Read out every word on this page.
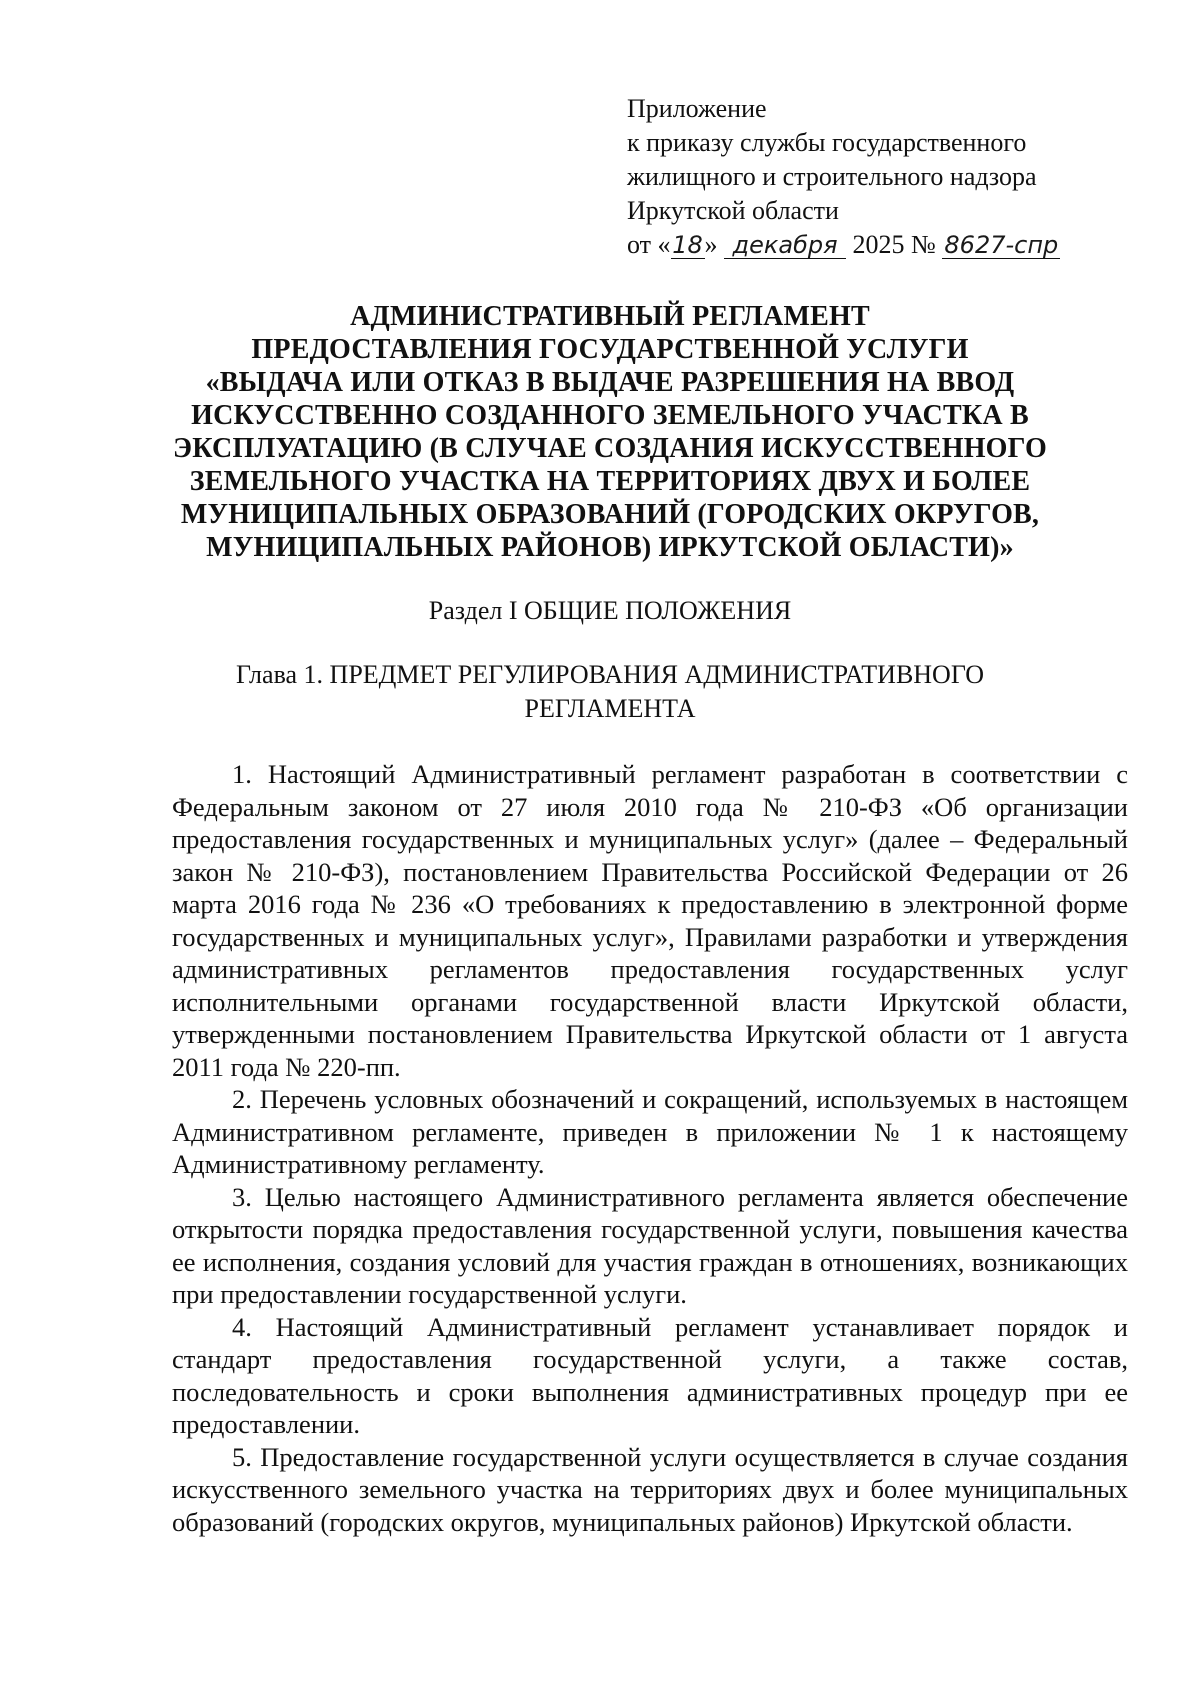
Приложение
к приказу службы государственного
жилищного и строительного надзора
Иркутской области
от «18» декабря 2025 № 8627-спр
АДМИНИСТРАТИВНЫЙ РЕГЛАМЕНТ
ПРЕДОСТАВЛЕНИЯ ГОСУДАРСТВЕННОЙ УСЛУГИ
«ВЫДАЧА ИЛИ ОТКАЗ В ВЫДАЧЕ РАЗРЕШЕНИЯ НА ВВОД
ИСКУССТВЕННО СОЗДАННОГО ЗЕМЕЛЬНОГО УЧАСТКА В
ЭКСПЛУАТАЦИЮ (В СЛУЧАЕ СОЗДАНИЯ ИСКУССТВЕННОГО
ЗЕМЕЛЬНОГО УЧАСТКА НА ТЕРРИТОРИЯХ ДВУХ И БОЛЕЕ
МУНИЦИПАЛЬНЫХ ОБРАЗОВАНИЙ (ГОРОДСКИХ ОКРУГОВ,
МУНИЦИПАЛЬНЫХ РАЙОНОВ) ИРКУТСКОЙ ОБЛАСТИ)»
Раздел I ОБЩИЕ ПОЛОЖЕНИЯ
Глава 1. ПРЕДМЕТ РЕГУЛИРОВАНИЯ АДМИНИСТРАТИВНОГО
РЕГЛАМЕНТА

1. Настоящий Административный регламент разработан в соответствии с Федеральным законом от 27 июля 2010 года № 210-ФЗ «Об организации предоставления государственных и муниципальных услуг» (далее – Федеральный закон № 210-ФЗ), постановлением Правительства Российской Федерации от 26 марта 2016 года № 236 «О требованиях к предоставлению в электронной форме государственных и муниципальных услуг», Правилами разработки и утверждения административных регламентов предоставления государственных услуг исполнительными органами государственной власти Иркутской области, утвержденными постановлением Правительства Иркутской области от 1 августа 2011 года № 220-пп.

2. Перечень условных обозначений и сокращений, используемых в настоящем Административном регламенте, приведен в приложении № 1 к настоящему Административному регламенту.

3. Целью настоящего Административного регламента является обеспечение открытости порядка предоставления государственной услуги, повышения качества ее исполнения, создания условий для участия граждан в отношениях, возникающих при предоставлении государственной услуги.

4. Настоящий Административный регламент устанавливает порядок и стандарт предоставления государственной услуги, а также состав, последовательность и сроки выполнения административных процедур при ее предоставлении.

5. Предоставление государственной услуги осуществляется в случае создания искусственного земельного участка на территориях двух и более муниципальных образований (городских округов, муниципальных районов) Иркутской области.
